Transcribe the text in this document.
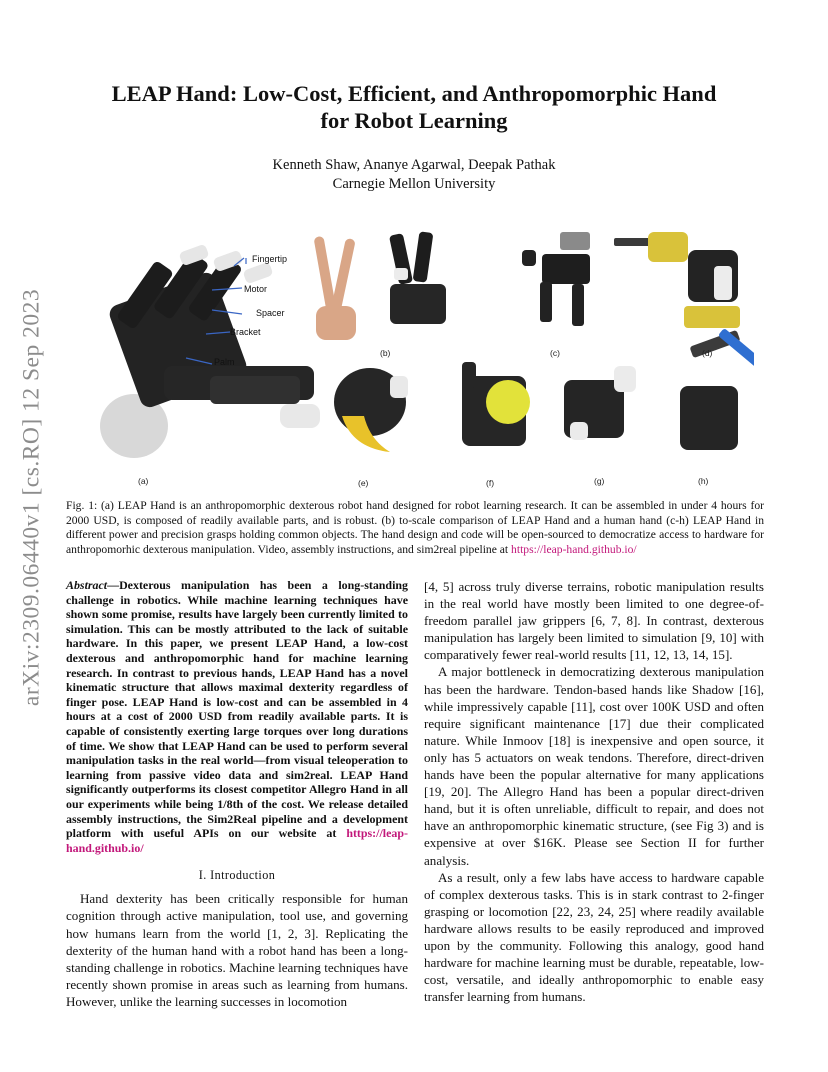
arXiv:2309.06440v1 [cs.RO] 12 Sep 2023
LEAP Hand: Low-Cost, Efficient, and Anthropomorphic Hand
for Robot Learning
Kenneth Shaw, Ananye Agarwal, Deepak Pathak
Carnegie Mellon University
Fingertip
Motor
Spacer
Bracket
Palm
(a)
(b)	(c)	(d)
(e)	(f)	(g)	(h)
Fig. 1: (a) LEAP Hand is an anthropomorphic dexterous robot hand designed for robot learning research. It can be assembled in under 4 hours for 2000 USD, is composed of readily available parts, and is robust. (b) to-scale comparison of LEAP Hand and a human hand (c-h) LEAP Hand in different power and precision grasps holding common objects. The hand design and code will be open-sourced to democratize access to hardware for anthropomorhic dexterous manipulation. Video, assembly instructions, and sim2real pipeline at https://leap-hand.github.io/

Abstract—Dexterous manipulation has been a long-standing challenge in robotics. While machine learning techniques have shown some promise, results have largely been currently limited to simulation. This can be mostly attributed to the lack of suitable hardware. In this paper, we present LEAP Hand, a low-cost dexterous and anthropomorphic hand for machine learning research. In contrast to previous hands, LEAP Hand has a novel kinematic structure that allows maximal dexterity regardless of finger pose. LEAP Hand is low-cost and can be assembled in 4 hours at a cost of 2000 USD from readily available parts. It is capable of consistently exerting large torques over long durations of time. We show that LEAP Hand can be used to perform several manipulation tasks in the real world—from visual teleoperation to learning from passive video data and sim2real. LEAP Hand significantly outperforms its closest competitor Allegro Hand in all our experiments while being 1/8th of the cost. We release detailed assembly instructions, the Sim2Real pipeline and a development platform with useful APIs on our website at https://leap-hand.github.io/

I. Introduction

Hand dexterity has been critically responsible for human cognition through active manipulation, tool use, and governing how humans learn from the world [1, 2, 3]. Replicating the dexterity of the human hand with a robot hand has been a long-standing challenge in robotics. Machine learning techniques have recently shown promise in areas such as learning from humans. However, unlike the learning successes in locomotion

[4, 5] across truly diverse terrains, robotic manipulation results in the real world have mostly been limited to one degree-of-freedom parallel jaw grippers [6, 7, 8]. In contrast, dexterous manipulation has largely been limited to simulation [9, 10] with comparatively fewer real-world results [11, 12, 13, 14, 15].

A major bottleneck in democratizing dexterous manipulation has been the hardware. Tendon-based hands like Shadow [16], while impressively capable [11], cost over 100K USD and often require significant maintenance [17] due their complicated nature. While Inmoov [18] is inexpensive and open source, it only has 5 actuators on weak tendons. Therefore, direct-driven hands have been the popular alternative for many applications [19, 20]. The Allegro Hand has been a popular direct-driven hand, but it is often unreliable, difficult to repair, and does not have an anthropomorphic kinematic structure, (see Fig 3) and is expensive at over $16K. Please see Section II for further analysis.

As a result, only a few labs have access to hardware capable of complex dexterous tasks. This is in stark contrast to 2-finger grasping or locomotion [22, 23, 24, 25] where readily available hardware allows results to be easily reproduced and improved upon by the community. Following this analogy, good hand hardware for machine learning must be durable, repeatable, low-cost, versatile, and ideally anthropomorphic to enable easy transfer learning from humans.
